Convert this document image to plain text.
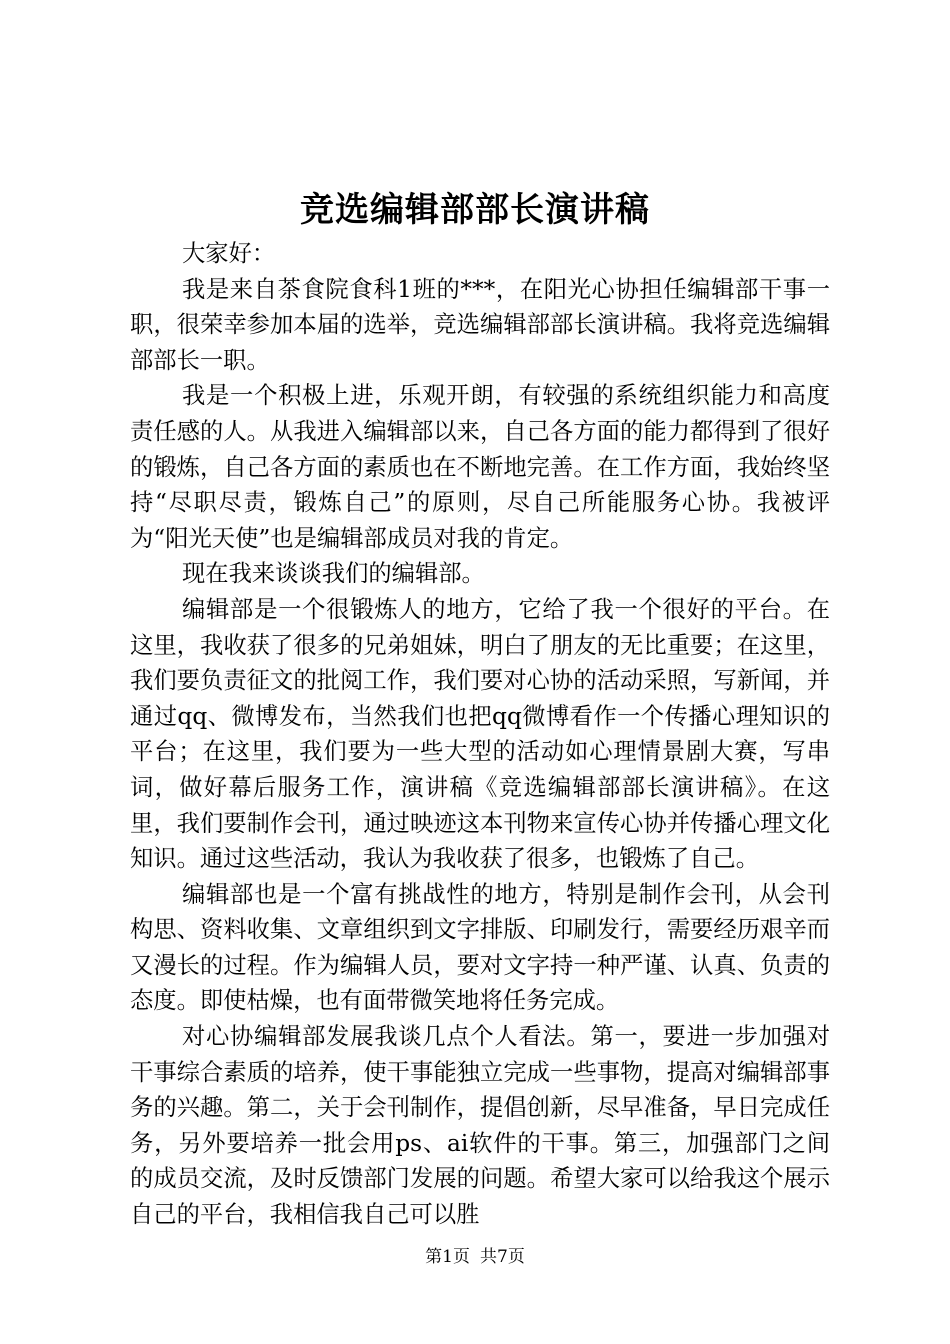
竞选编辑部部长演讲稿

大家好：

我是来自茶食院食科1班的***，在阳光心协担任编辑部干事一职，很荣幸参加本届的选举，竞选编辑部部长演讲稿。我将竞选编辑部部长一职。

我是一个积极上进，乐观开朗，有较强的系统组织能力和高度责任感的人。从我进入编辑部以来，自己各方面的能力都得到了很好的锻炼，自己各方面的素质也在不断地完善。在工作方面，我始终坚持“尽职尽责，锻炼自己”的原则，尽自己所能服务心协。我被评为“阳光天使”也是编辑部成员对我的肯定。

现在我来谈谈我们的编辑部。

编辑部是一个很锻炼人的地方，它给了我一个很好的平台。在这里，我收获了很多的兄弟姐妹，明白了朋友的无比重要；在这里，我们要负责征文的批阅工作，我们要对心协的活动采照，写新闻，并通过qq、微博发布，当然我们也把qq微博看作一个传播心理知识的平台；在这里，我们要为一些大型的活动如心理情景剧大赛，写串词，做好幕后服务工作，演讲稿《竞选编辑部部长演讲稿》。在这里，我们要制作会刊，通过映迹这本刊物来宣传心协并传播心理文化知识。通过这些活动，我认为我收获了很多，也锻炼了自己。

编辑部也是一个富有挑战性的地方，特别是制作会刊，从会刊构思、资料收集、文章组织到文字排版、印刷发行，需要经历艰辛而又漫长的过程。作为编辑人员，要对文字持一种严谨、认真、负责的态度。即使枯燥，也有面带微笑地将任务完成。

对心协编辑部发展我谈几点个人看法。第一，要进一步加强对干事综合素质的培养，使干事能独立完成一些事物，提高对编辑部事务的兴趣。第二，关于会刊制作，提倡创新，尽早准备，早日完成任务，另外要培养一批会用ps、ai软件的干事。第三，加强部门之间的成员交流，及时反馈部门发展的问题。希望大家可以给我这个展示自己的平台，我相信我自己可以胜

第1页 共7页
